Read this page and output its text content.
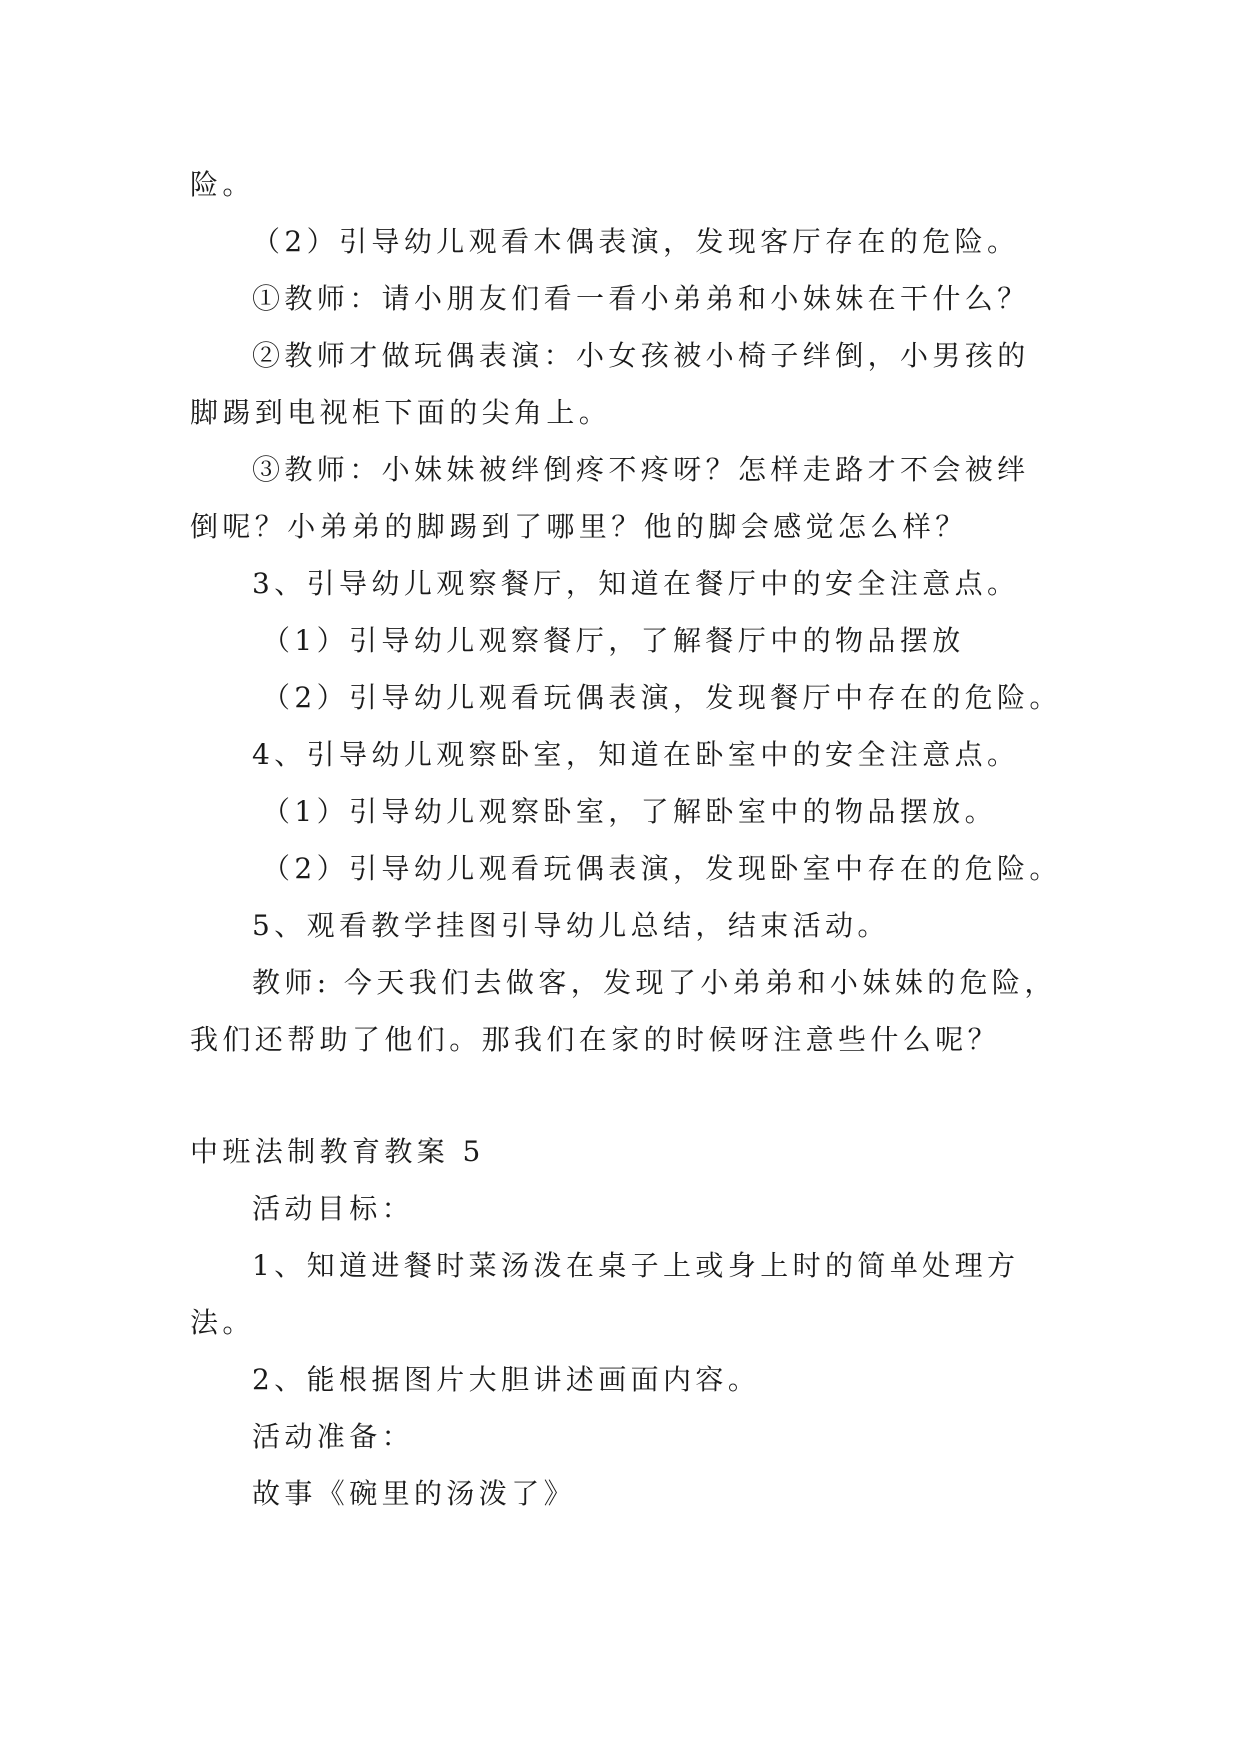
险。
（2）引导幼儿观看木偶表演，发现客厅存在的危险。
①教师：请小朋友们看一看小弟弟和小妹妹在干什么？
②教师才做玩偶表演：小女孩被小椅子绊倒，小男孩的
脚踢到电视柜下面的尖角上。
③教师：小妹妹被绊倒疼不疼呀？怎样走路才不会被绊
倒呢？小弟弟的脚踢到了哪里？他的脚会感觉怎么样？
3、引导幼儿观察餐厅，知道在餐厅中的安全注意点。
（1）引导幼儿观察餐厅，了解餐厅中的物品摆放
（2）引导幼儿观看玩偶表演，发现餐厅中存在的危险。
4、引导幼儿观察卧室，知道在卧室中的安全注意点。
（1）引导幼儿观察卧室，了解卧室中的物品摆放。
（2）引导幼儿观看玩偶表演，发现卧室中存在的危险。
5、观看教学挂图引导幼儿总结，结束活动。
教师: 今天我们去做客，发现了小弟弟和小妹妹的危险，
我们还帮助了他们。那我们在家的时候呀注意些什么呢？
中班法制教育教案 5
活动目标：
1、知道进餐时菜汤泼在桌子上或身上时的简单处理方
法。
2、能根据图片大胆讲述画面内容。
活动准备：
故事《碗里的汤泼了》
